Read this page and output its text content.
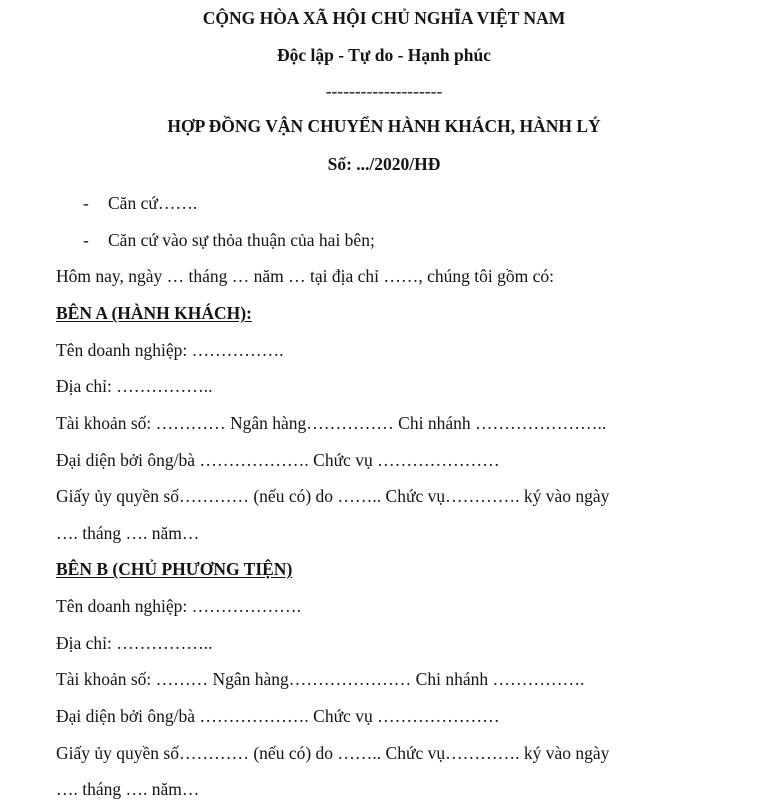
CỘNG HÒA XÃ HỘI CHỦ NGHĨA VIỆT NAM
Độc lập - Tự do - Hạnh phúc
--------------------
HỢP ĐỒNG VẬN CHUYỂN HÀNH KHÁCH, HÀNH LÝ
Số: .../2020/HĐ
- Căn cứ…….
- Căn cứ vào sự thỏa thuận của hai bên;
Hôm nay, ngày … tháng … năm … tại địa chỉ ……, chúng tôi gồm có:
BÊN A (HÀNH KHÁCH):
Tên doanh nghiệp: …………….
Địa chỉ: ……………..
Tài khoản số: ………… Ngân hàng…………… Chi nhánh …………………..
Đại diện bởi ông/bà ………………. Chức vụ …………………
Giấy ủy quyền số………… (nếu có) do …….. Chức vụ…………. ký vào ngày
…. tháng …. năm…
BÊN B (CHỦ PHƯƠNG TIỆN)
Tên doanh nghiệp: ……………….
Địa chỉ: ……………..
Tài khoản số: ……… Ngân hàng………………… Chi nhánh …………….
Đại diện bởi ông/bà ………………. Chức vụ …………………
Giấy ủy quyền số………… (nếu có) do …….. Chức vụ…………. ký vào ngày
…. tháng …. năm…
